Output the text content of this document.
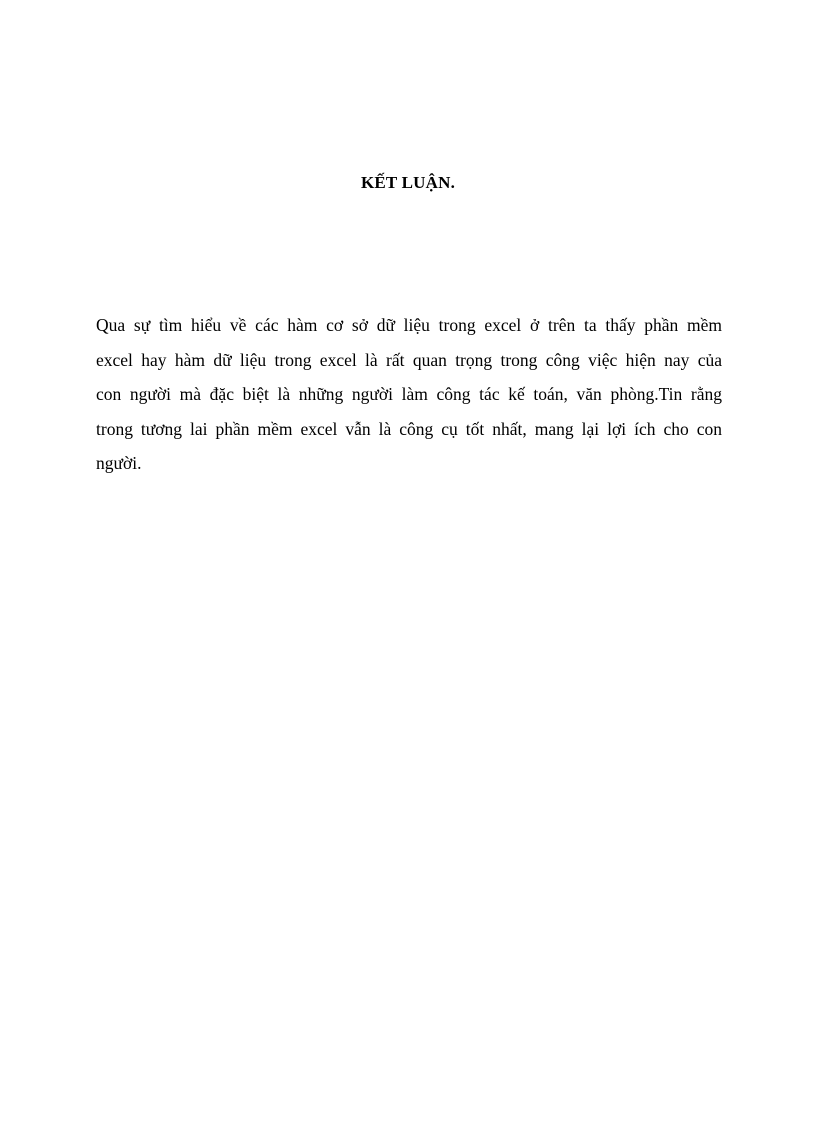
KẾT LUẬN.
Qua sự tìm hiểu về các hàm cơ sở dữ liệu trong excel ở trên ta thấy phần mềm
excel hay hàm dữ liệu trong excel là rất quan trọng trong công việc hiện nay của
con người mà đặc biệt là những người làm công tác kế toán, văn phòng.Tin rằng
trong tương lai phần mềm excel vẫn là công cụ tốt nhất, mang lại lợi ích cho con
người.
